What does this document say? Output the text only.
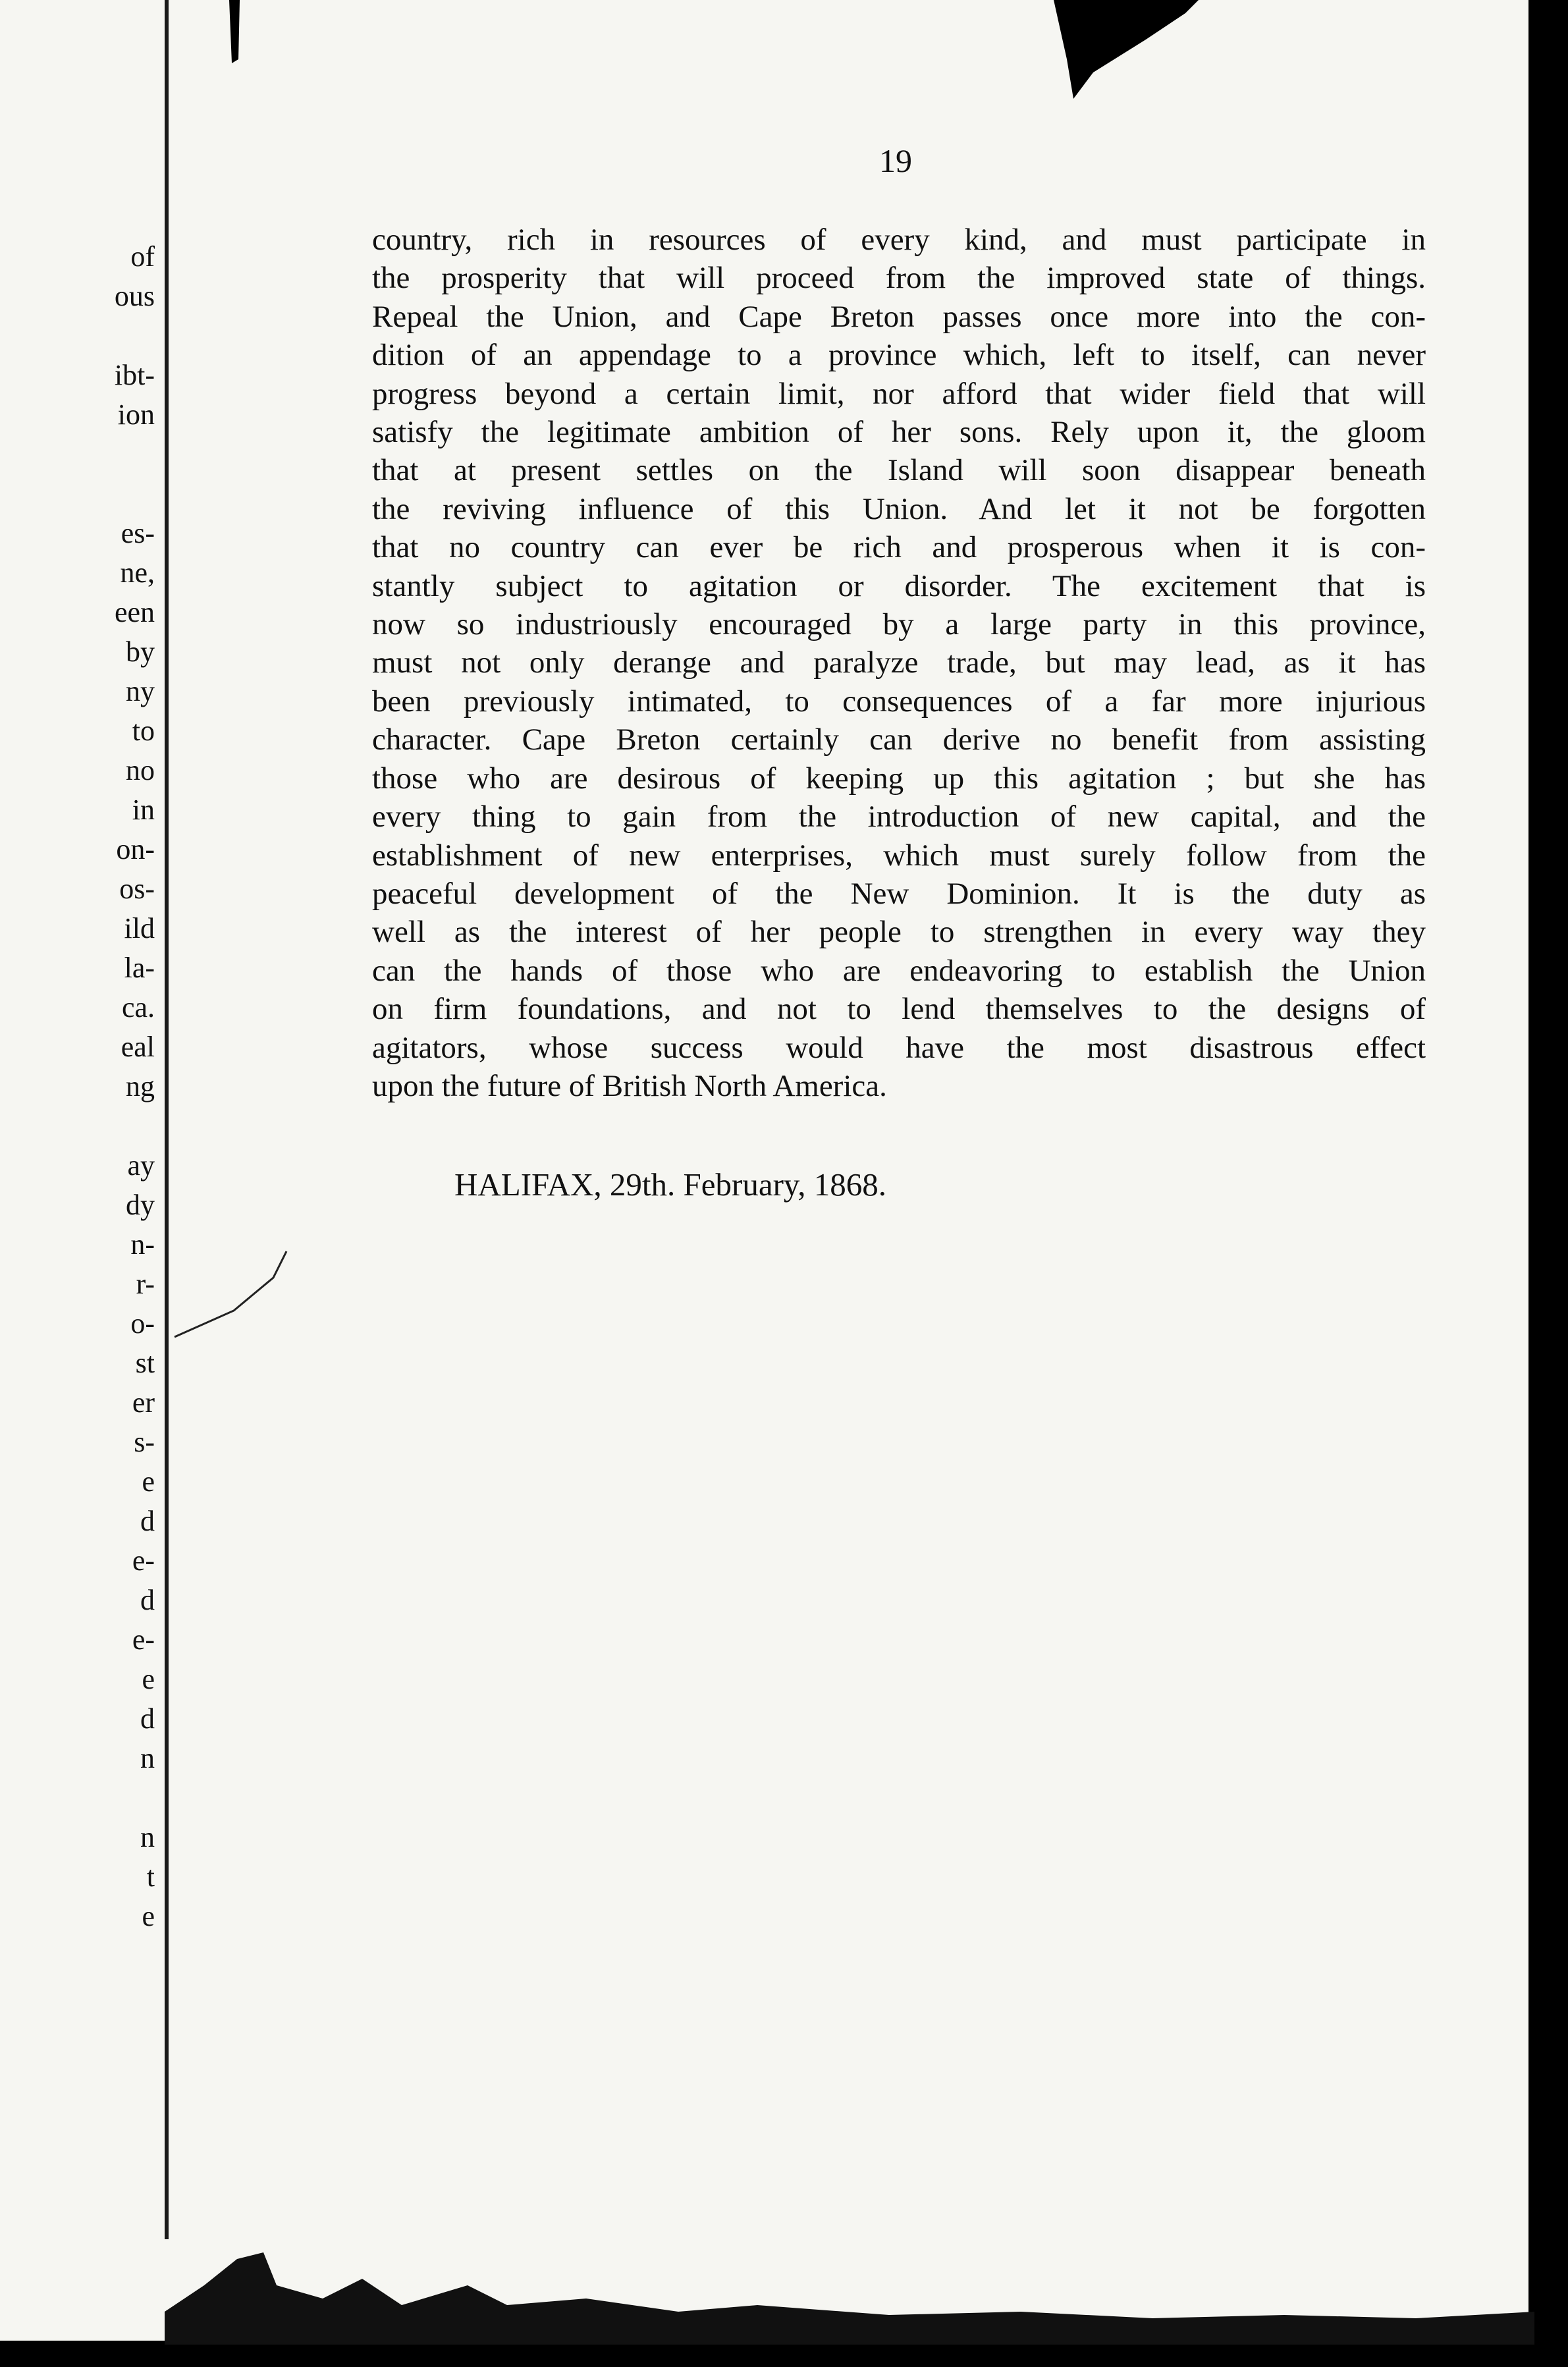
of
ous
ibt-
ion
es-
ne,
een
by
ny
to
no
in
on-
os-
ild
la-
ca.
eal
ng
ay
dy
n-
r-
o-
st
er
s-
e
d
e-
d
e-
e
d
n
n
t
e
19
country, rich in resources of every kind, and must participate in
the prosperity that will proceed from the improved state of things.
Repeal the Union, and Cape Breton passes once more into the con-
dition of an appendage to a province which, left to itself, can never
progress beyond a certain limit, nor afford that wider field that will
satisfy the legitimate ambition of her sons. Rely upon it, the gloom
that at present settles on the Island will soon disappear beneath
the reviving influence of this Union. And let it not be forgotten
that no country can ever be rich and prosperous when it is con-
stantly subject to agitation or disorder. The excitement that is
now so industriously encouraged by a large party in this province,
must not only derange and paralyze trade, but may lead, as it has
been previously intimated, to consequences of a far more injurious
character. Cape Breton certainly can derive no benefit from assisting
those who are desirous of keeping up this agitation ; but she has
every thing to gain from the introduction of new capital, and the
establishment of new enterprises, which must surely follow from the
peaceful development of the New Dominion. It is the duty as
well as the interest of her people to strengthen in every way they
can the hands of those who are endeavoring to establish the Union
on firm foundations, and not to lend themselves to the designs of
agitators, whose success would have the most disastrous effect
upon the future of British North America.
HALIFAX, 29th. February, 1868.
